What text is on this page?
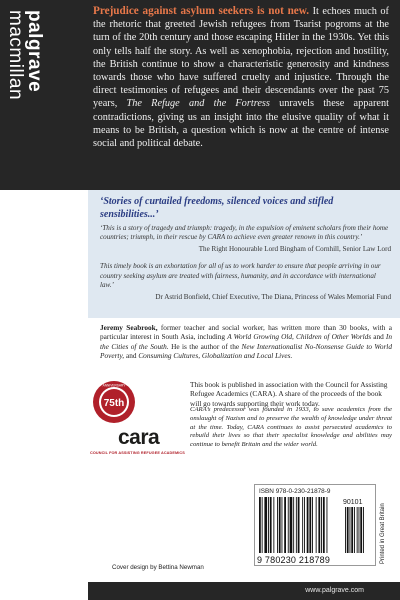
palgrave
macmillan	Prejudice against asylum seekers is not new. It echoes much of the rhetoric that greeted Jewish refugees from Tsarist pogroms at the turn of the 20th century and those escaping Hitler in the 1930s. Yet this only tells half the story. As well as xenophobia, rejection and hostility, the British continue to show a characteristic generosity and kindness towards those who have suffered cruelty and injustice. Through the direct testimonies of refugees and their descendants over the past 75 years, The Refuge and the Fortress unravels these apparent contradictions, giving us an insight into the elusive quality of what it means to be British, a question which is now at the centre of intense social and political debate.

‘Stories of curtailed freedoms, silenced voices and stifled sensibilities...’

‘This is a story of tragedy and triumph: tragedy, in the expulsion of eminent scholars from their home countries; triumph, in their rescue by CARA to achieve even greater renown in this country.’

The Right Honourable Lord Bingham of Cornhill, Senior Law Lord

This timely book is an exhortation for all of us to work harder to ensure that people arriving in our country seeking asylum are treated with fairness, humanity, and in accordance with international law.’

Dr Astrid Bonfield, Chief Executive, The Diana, Princess of Wales Memorial Fund

Jeremy Seabrook, former teacher and social worker, has written more than 30 books, with a particular interest in South Asia, including A World Growing Old, Children of Other Worlds and In the Cities of the South. He is the author of the New Internationalist No-Nonsense Guide to World Poverty, and Consuming Cultures, Globalization and Local Lives.

75th
ANNIVERSARY
cara
COUNCIL FOR ASSISTING REFUGEE ACADEMICS

This book is published in association with the Council for Assisting Refugee Academics (CARA). A share of the proceeds of the book will go towards supporting their work today.

CARA’s predecessor was founded in 1933, to save academics from the onslaught of Nazism and to preserve the wealth of knowledge under threat at the time. Today, CARA continues to assist persecuted academics to rebuild their lives so that their specialist knowledge and abilities may continue to benefit Britain and the wider world.

ISBN 978-0-230-21878-9
90101
9 780230 218789	Printed in Great Britain
Cover design by Bettina Newman
www.palgrave.com
